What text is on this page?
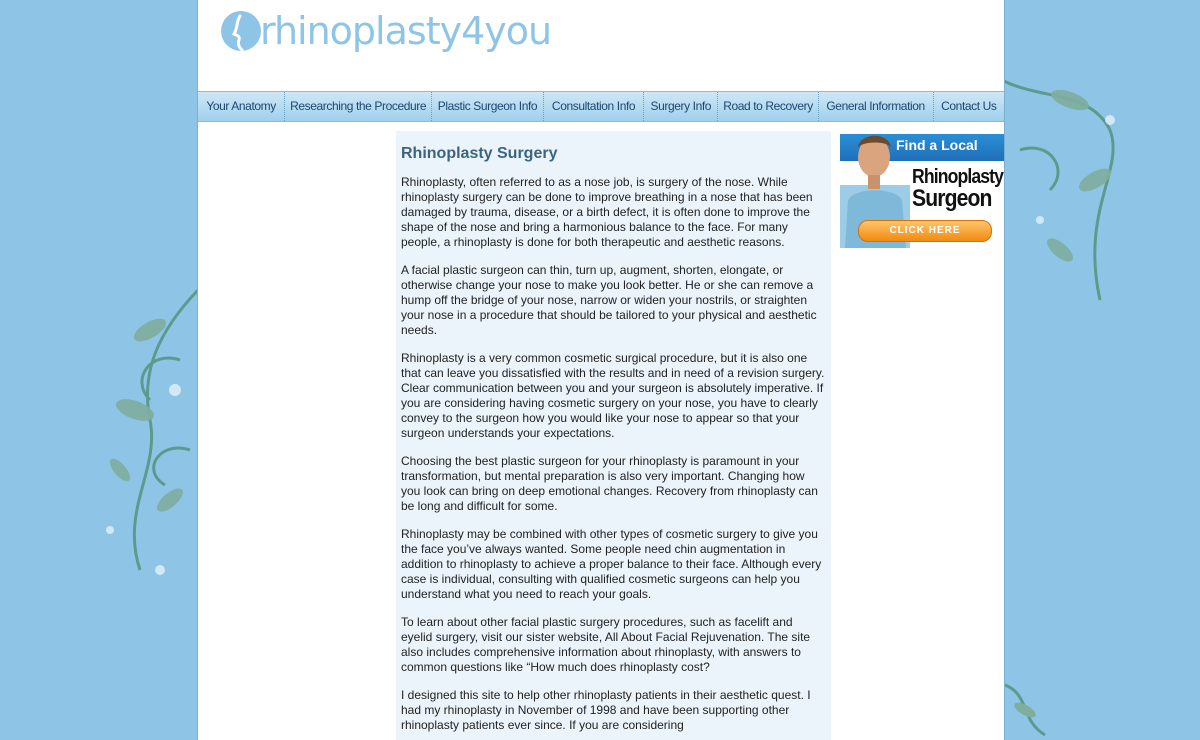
rhinoplasty4you
Your Anatomy	Researching the Procedure Plastic Surgeon Info	Consultation Info	Surgery Info	Road to Recovery	General Information	Contact Us
Rhinoplasty Surgery

Rhinoplasty, often referred to as a nose job, is surgery of the nose. While rhinoplasty surgery can be done to improve breathing in a nose that has been damaged by trauma, disease, or a birth defect, it is often done to improve the shape of the nose and bring a harmonious balance to the face. For many people, a rhinoplasty is done for both therapeutic and aesthetic reasons.

A facial plastic surgeon can thin, turn up, augment, shorten, elongate, or otherwise change your nose to make you look better. He or she can remove a hump off the bridge of your nose, narrow or widen your nostrils, or straighten your nose in a procedure that should be tailored to your physical and aesthetic needs.

Rhinoplasty is a very common cosmetic surgical procedure, but it is also one that can leave you dissatisfied with the results and in need of a revision surgery. Clear communication between you and your surgeon is absolutely imperative. If you are considering having cosmetic surgery on your nose, you have to clearly convey to the surgeon how you would like your nose to appear so that your surgeon understands your expectations.

Choosing the best plastic surgeon for your rhinoplasty is paramount in your transformation, but mental preparation is also very important. Changing how you look can bring on deep emotional changes. Recovery from rhinoplasty can be long and difficult for some.

Rhinoplasty may be combined with other types of cosmetic surgery to give you the face you’ve always wanted. Some people need chin augmentation in addition to rhinoplasty to achieve a proper balance to their face. Although every case is individual, consulting with qualified cosmetic surgeons can help you understand what you need to reach your goals.

To learn about other facial plastic surgery procedures, such as facelift and eyelid surgery, visit our sister website, All About Facial Rejuvenation. The site also includes comprehensive information about rhinoplasty, with answers to common questions like “How much does rhinoplasty cost?

I designed this site to help other rhinoplasty patients in their aesthetic quest. I had my rhinoplasty in November of 1998 and have been supporting other rhinoplasty patients ever since. If you are considering

Find a Local
Rhinoplasty
Surgeon
CLICK HERE
